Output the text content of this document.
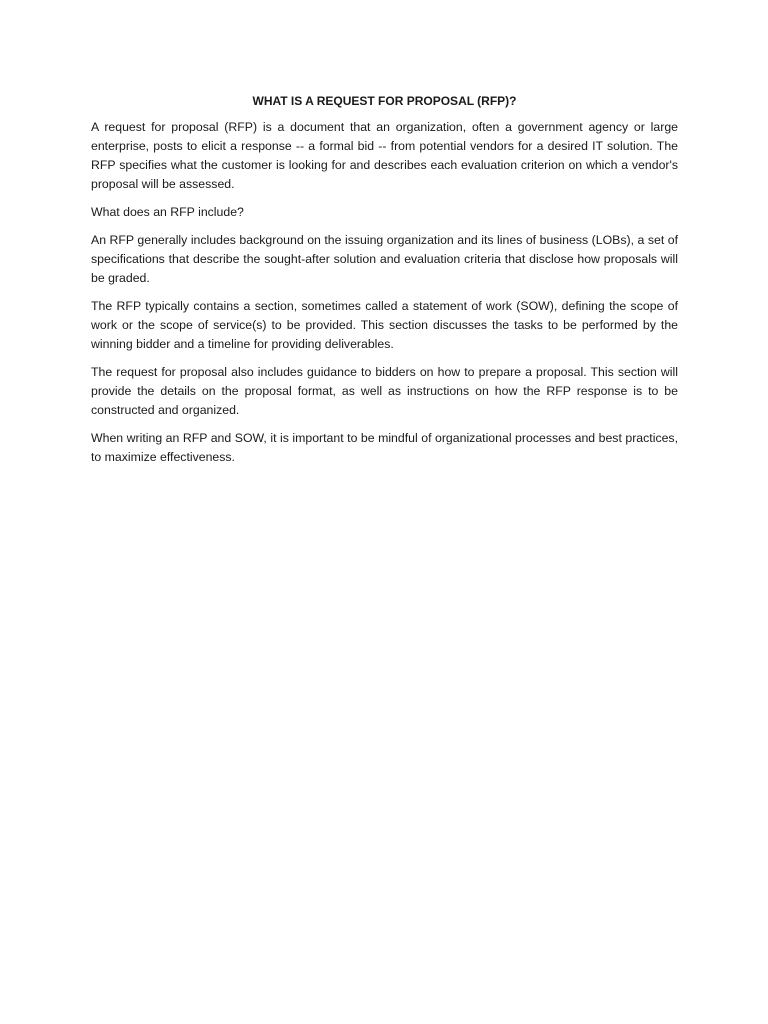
WHAT IS A REQUEST FOR PROPOSAL (RFP)?

A request for proposal (RFP) is a document that an organization, often a government agency or large enterprise, posts to elicit a response -- a formal bid -- from potential vendors for a desired IT solution. The RFP specifies what the customer is looking for and describes each evaluation criterion on which a vendor's proposal will be assessed.

What does an RFP include?

An RFP generally includes background on the issuing organization and its lines of business (LOBs), a set of specifications that describe the sought-after solution and evaluation criteria that disclose how proposals will be graded.

The RFP typically contains a section, sometimes called a statement of work (SOW), defining the scope of work or the scope of service(s) to be provided. This section discusses the tasks to be performed by the winning bidder and a timeline for providing deliverables.

The request for proposal also includes guidance to bidders on how to prepare a proposal. This section will provide the details on the proposal format, as well as instructions on how the RFP response is to be constructed and organized.

When writing an RFP and SOW, it is important to be mindful of organizational processes and best practices, to maximize effectiveness.
